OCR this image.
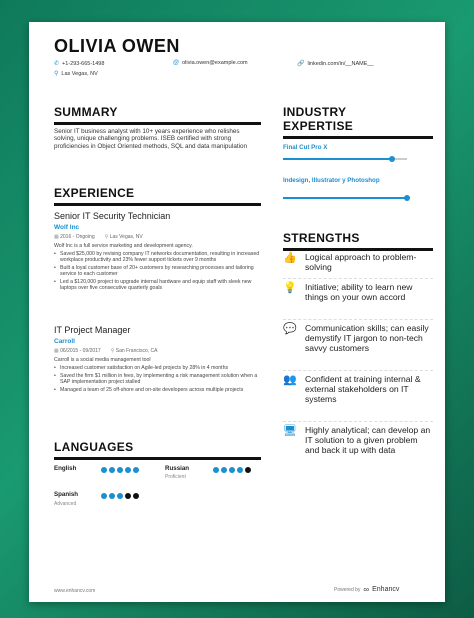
OLIVIA OWEN
✆ +1-293-665-1498	@ olivia.owen@example.com	🔗 linkedin.com/in/__NAME__
⚲ Las Vegas, NV
SUMMARY
Senior IT business analyst with 10+ years experience who relishes solving, unique challenging problems. ISEB certified with strong proficiencies in Object Oriented methods, SQL and data manipulation
EXPERIENCE
Senior IT Security Technician
Wolf Inc
▦ 2016 - Ongoing ⚲ Las Vegas, NV
Wolf Inc is a full service marketing and development agency.
• Saved $25,000 by revising company IT networks documentation, resulting in increased workplace productivity and 23% fewer support tickets over 9 months
• Built a loyal customer base of 20+ customers by researching processes and tailoring service to each customer
• Led a $120,000 project to upgrade internal hardware and equip staff with sleek new laptops over five consecutive quarterly goals
IT Project Manager
Carroll
▦ 06/2015 - 09/2017 ⚲ San Francisco, CA
Carroll is a social media management tool
• Increased customer satisfaction on Agile-led projects by 28% in 4 months
• Saved the firm $1 million in fees, by implementing a risk management solution when a SAP implementation project stalled
• Managed a team of 25 off-shore and on-site developers across multiple projects
LANGUAGES
English	Russian
Proficient
Spanish
Advanced
INDUSTRY
EXPERTISE
Final Cut Pro X
Indesign, Illustrator y Photoshop
STRENGTHS
👍 Logical approach to problem-solving
💡 Initiative; ability to learn new things on your own accord
💬 Communication skills; can easily demystify IT jargon to non-tech savvy customers
👥 Confident at training internal & external stakeholders on IT systems
🖥 Highly analytical; can develop an IT solution to a given problem and back it up with data
www.enhancv.com	Powered by ∞ Enhancv
